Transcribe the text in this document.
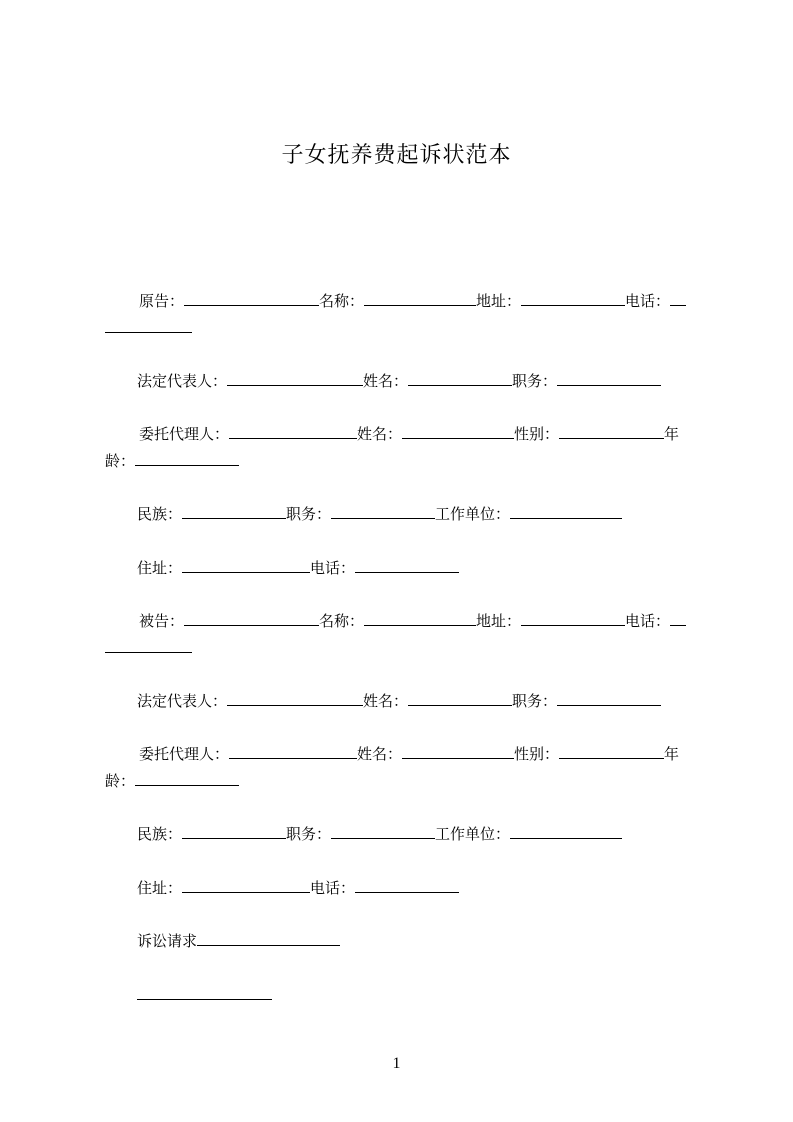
子女抚养费起诉状范本
原告：	名称：	地址：	电话：
法定代表人：	姓名：	职务：
委托代理人：	姓名：	性别：	年
龄：
民族：	职务：	工作单位：
住址：	电话：
被告：	名称：	地址：	电话：
法定代表人：	姓名：	职务：
委托代理人：	姓名：	性别：	年
龄：
民族：	职务：	工作单位：
住址：	电话：
诉讼请求
1
